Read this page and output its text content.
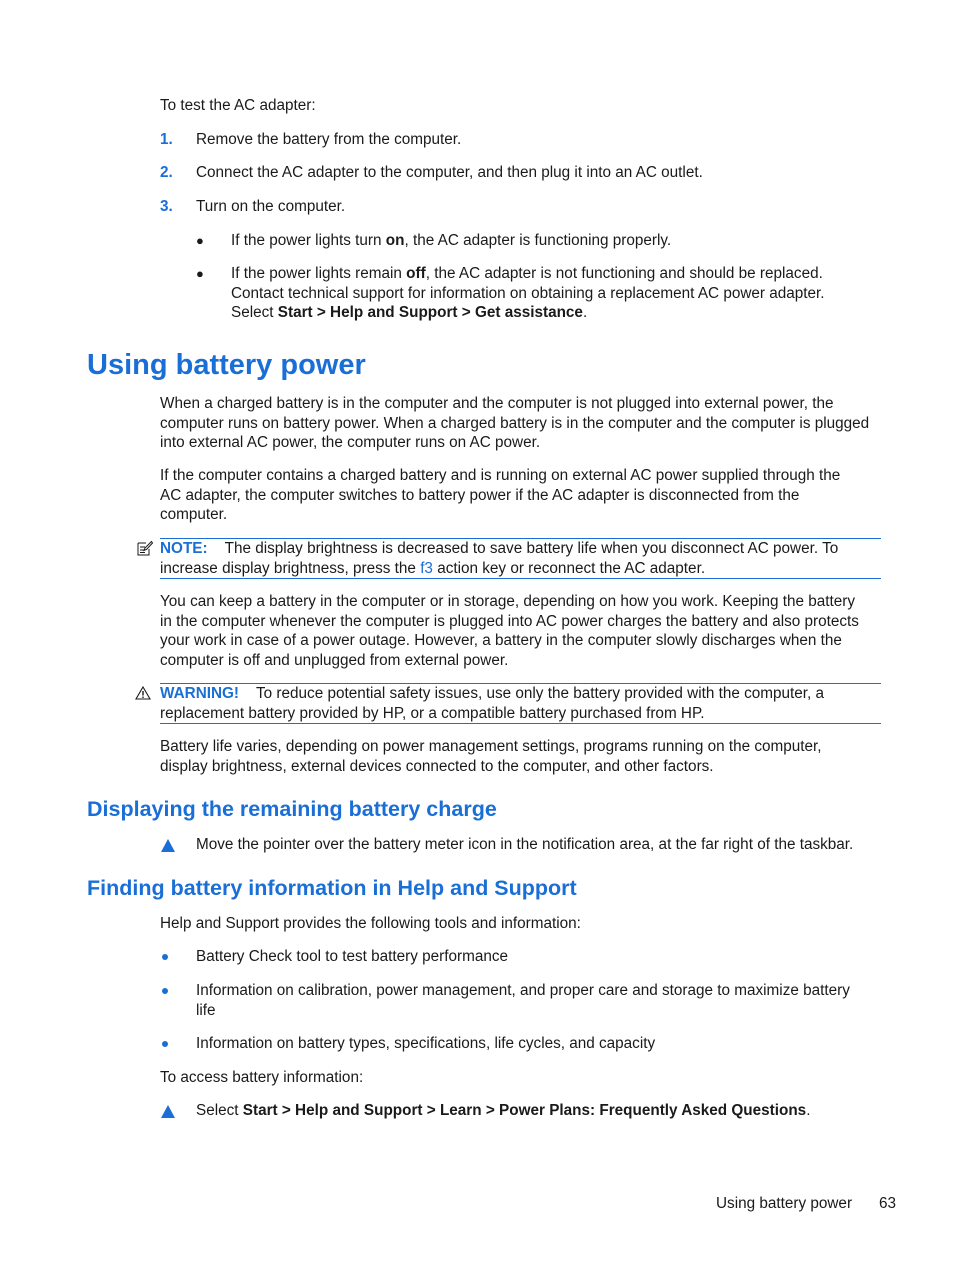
To test the AC adapter:
1. Remove the battery from the computer.
2. Connect the AC adapter to the computer, and then plug it into an AC outlet.
3. Turn on the computer.
● If the power lights turn on, the AC adapter is functioning properly.
● If the power lights remain off, the AC adapter is not functioning and should be replaced.
Contact technical support for information on obtaining a replacement AC power adapter.
Select Start > Help and Support > Get assistance.
Using battery power
When a charged battery is in the computer and the computer is not plugged into external power, the
computer runs on battery power. When a charged battery is in the computer and the computer is plugged
into external AC power, the computer runs on AC power.
If the computer contains a charged battery and is running on external AC power supplied through the
AC adapter, the computer switches to battery power if the AC adapter is disconnected from the
computer.
NOTE: The display brightness is decreased to save battery life when you disconnect AC power. To
increase display brightness, press the f3 action key or reconnect the AC adapter.
You can keep a battery in the computer or in storage, depending on how you work. Keeping the battery
in the computer whenever the computer is plugged into AC power charges the battery and also protects
your work in case of a power outage. However, a battery in the computer slowly discharges when the
computer is off and unplugged from external power.
WARNING! To reduce potential safety issues, use only the battery provided with the computer, a
replacement battery provided by HP, or a compatible battery purchased from HP.
Battery life varies, depending on power management settings, programs running on the computer,
display brightness, external devices connected to the computer, and other factors.
Displaying the remaining battery charge
Move the pointer over the battery meter icon in the notification area, at the far right of the taskbar.
Finding battery information in Help and Support
Help and Support provides the following tools and information:
Battery Check tool to test battery performance
Information on calibration, power management, and proper care and storage to maximize battery
life
Information on battery types, specifications, life cycles, and capacity
To access battery information:
Select Start > Help and Support > Learn > Power Plans: Frequently Asked Questions.
Using battery power 63
